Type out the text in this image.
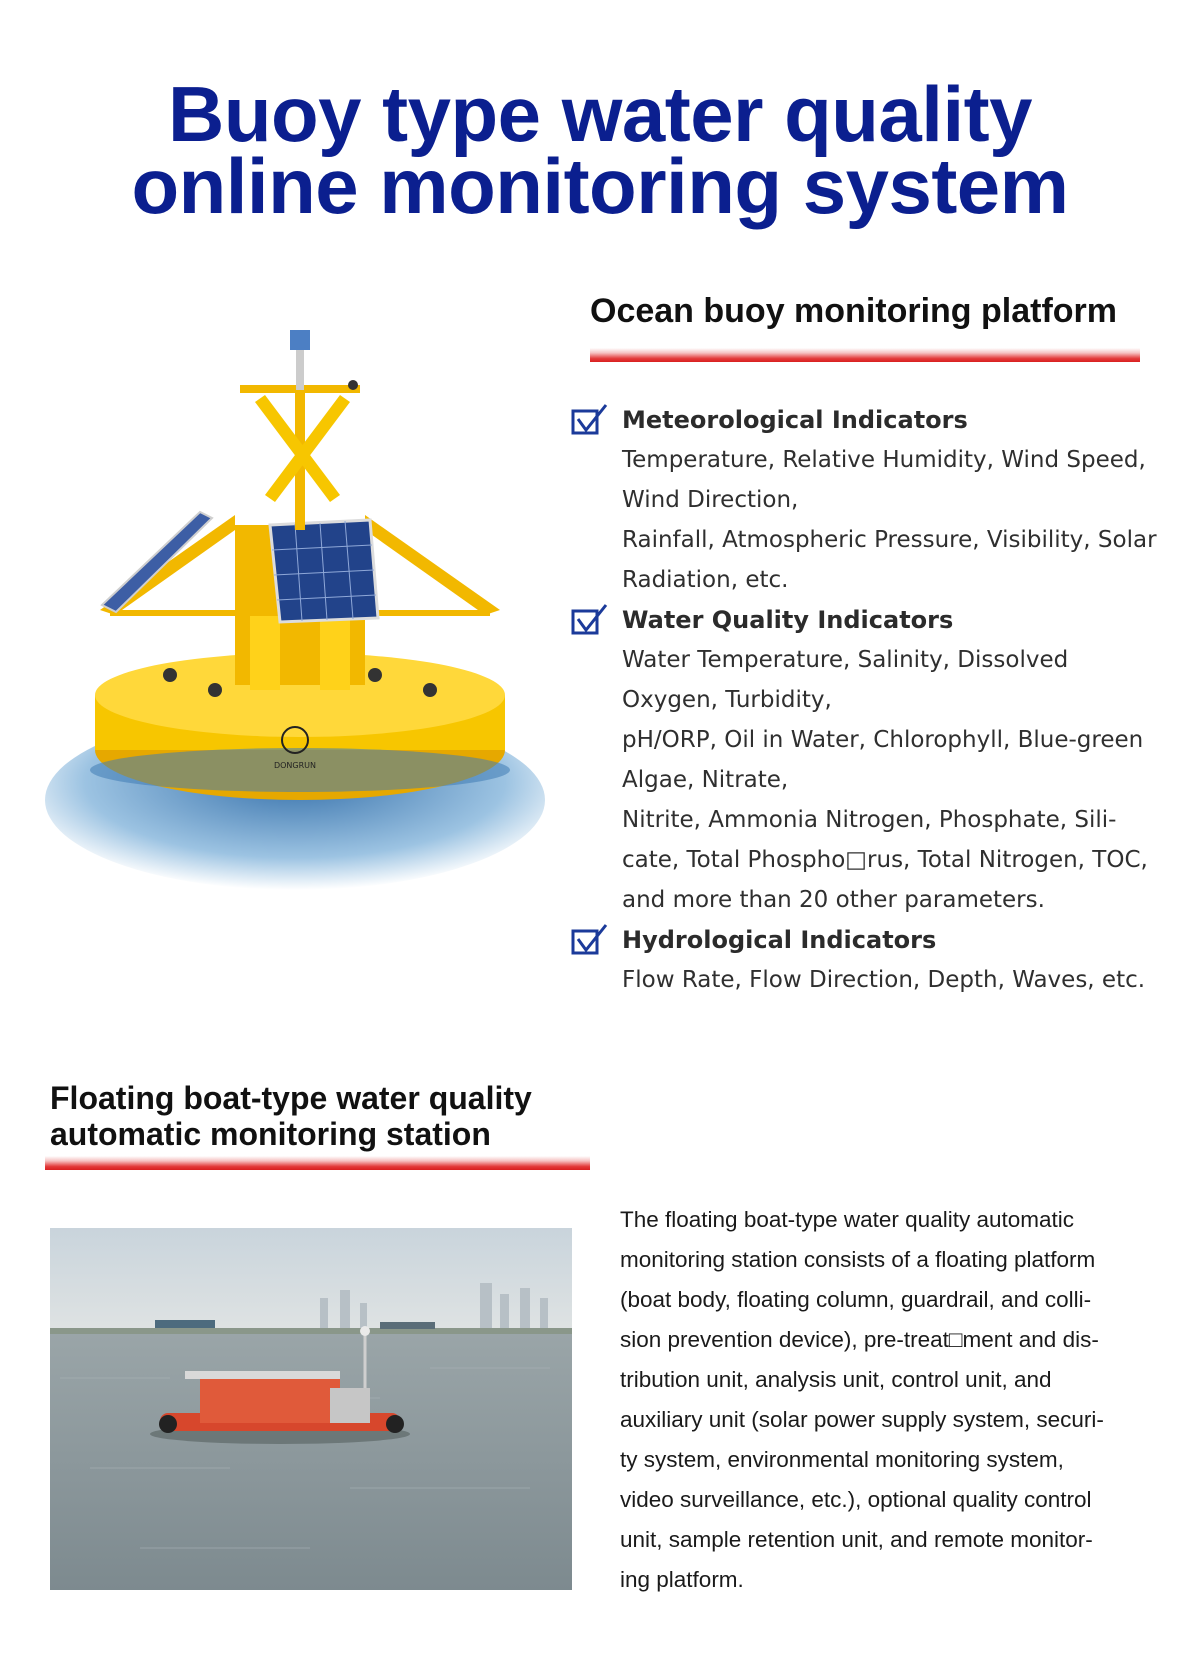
Buoy type water quality
online monitoring system
DONGRUN
Ocean buoy monitoring platform
Meteorological Indicators
Temperature, Relative Humidity, Wind Speed,
Wind Direction,
Rainfall, Atmospheric Pressure, Visibility, Solar
Radiation, etc.
Water Quality Indicators
Water Temperature, Salinity, Dissolved
Oxygen, Turbidity,
pH/ORP, Oil in Water, Chlorophyll, Blue-green
Algae, Nitrate,
Nitrite, Ammonia Nitrogen, Phosphate, Sili-
cate, Total Phospho□rus, Total Nitrogen, TOC,
and more than 20 other parameters.
Hydrological Indicators
Flow Rate, Flow Direction, Depth, Waves, etc.
Floating boat-type water quality
automatic monitoring station
The floating boat-type water quality automatic
monitoring station consists of a floating platform
(boat body, floating column, guardrail, and colli-
sion prevention device), pre-treat□ment and dis-
tribution unit, analysis unit, control unit, and
auxiliary unit (solar power supply system, securi-
ty system, environmental monitoring system,
video surveillance, etc.), optional quality control
unit, sample retention unit, and remote monitor-
ing platform.
